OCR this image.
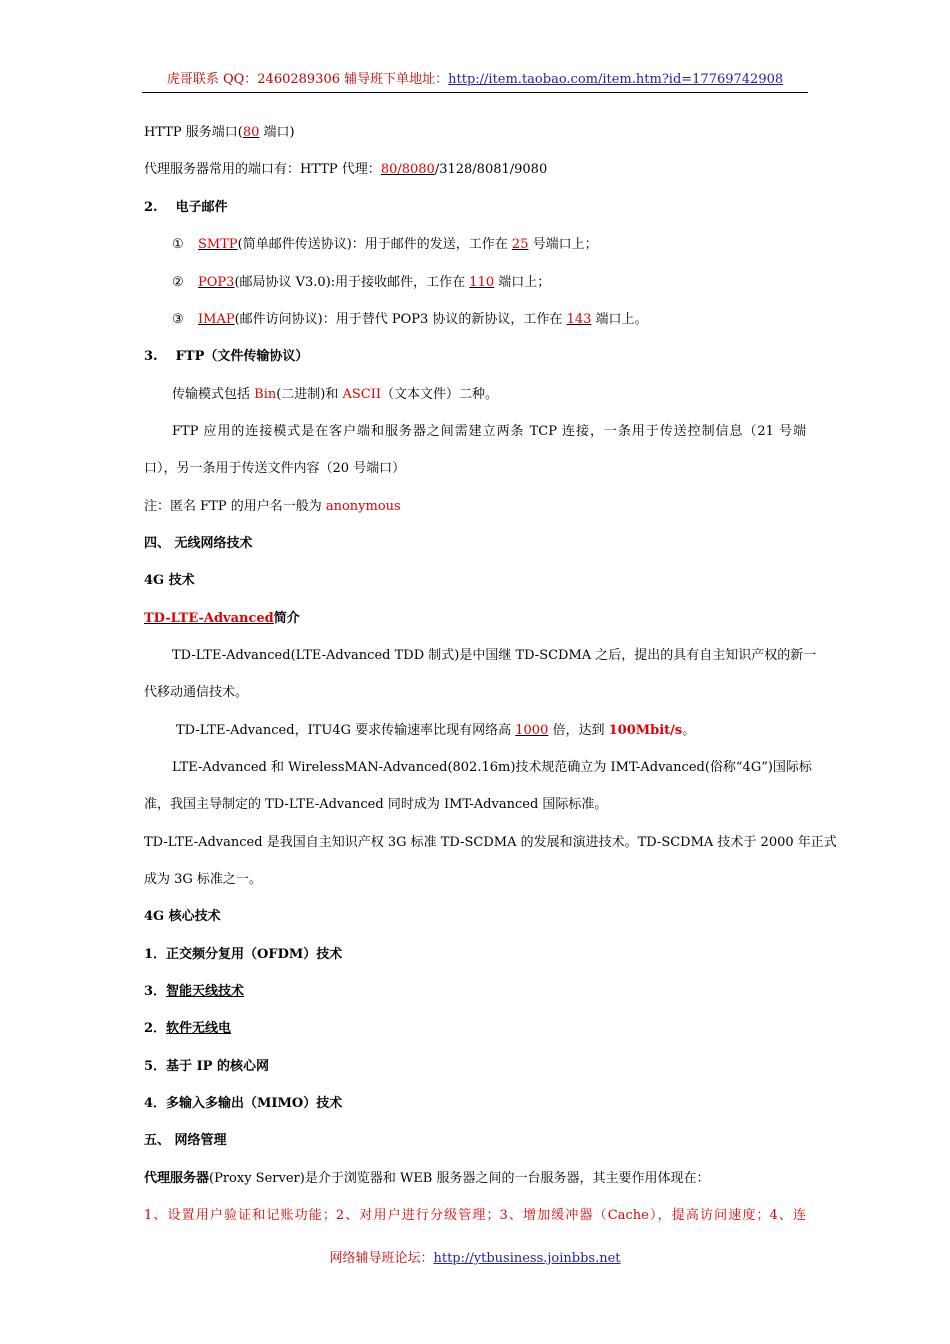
虎哥联系 QQ：2460289306 辅导班下单地址：http://item.taobao.com/item.htm?id=17769742908
HTTP 服务端口(80 端口)
代理服务器常用的端口有：HTTP 代理：80/8080/3128/8081/9080
2.    电子邮件
① SMTP(简单邮件传送协议)：用于邮件的发送，工作在 25 号端口上；
② POP3(邮局协议 V3.0):用于接收邮件，工作在 110 端口上；
③ IMAP(邮件访问协议)：用于替代 POP3 协议的新协议，工作在 143 端口上。
3.    FTP（文件传输协议）
传输模式包括 Bin(二进制)和 ASCII（文本文件）二种。
FTP 应用的连接模式是在客户端和服务器之间需建立两条 TCP 连接，一条用于传送控制信息（21 号端
口），另一条用于传送文件内容（20 号端口）
注：匿名 FTP 的用户名一般为 anonymous
四、 无线网络技术
4G 技术
TD-LTE-Advanced简介
TD-LTE-Advanced(LTE-Advanced TDD 制式)是中国继 TD-SCDMA 之后，提出的具有自主知识产权的新一
代移动通信技术。
TD-LTE-Advanced，ITU4G 要求传输速率比现有网络高 1000 倍，达到 100Mbit/s。
LTE-Advanced 和 WirelessMAN-Advanced(802.16m)技术规范确立为 IMT-Advanced(俗称“4G”)国际标
准，我国主导制定的 TD-LTE-Advanced 同时成为 IMT-Advanced 国际标准。
TD-LTE-Advanced 是我国自主知识产权 3G 标准 TD-SCDMA 的发展和演进技术。TD-SCDMA 技术于 2000 年正式
成为 3G 标准之一。
4G 核心技术
1．正交频分复用（OFDM）技术
3．智能天线技术
2．软件无线电
5．基于 IP 的核心网
4．多输入多输出（MIMO）技术
五、 网络管理
代理服务器(Proxy Server)是介于浏览器和 WEB 服务器之间的一台服务器，其主要作用体现在：
1、设置用户验证和记账功能；2、对用户进行分级管理；3、增加缓冲器（Cache），提高访问速度；4、连
网络辅导班论坛：http://ytbusiness.joinbbs.net
